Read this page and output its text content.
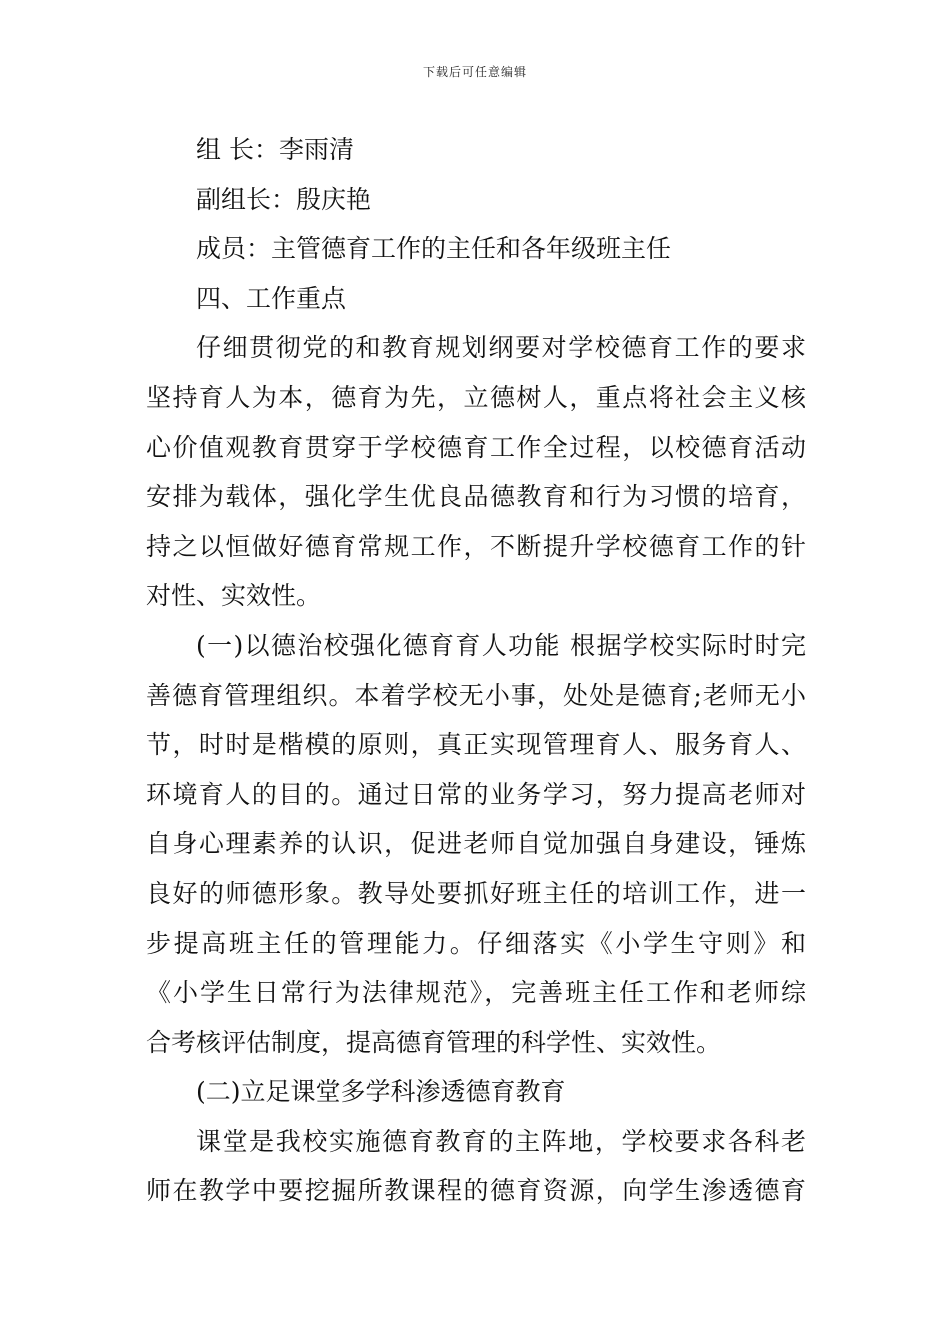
下载后可任意编辑
组 长：李雨清
副组长：殷庆艳
成员：主管德育工作的主任和各年级班主任
四、工作重点
仔细贯彻党的和教育规划纲要对学校德育工作的要求
坚持育人为本，德育为先，立德树人，重点将社会主义核
心价值观教育贯穿于学校德育工作全过程，以校德育活动
安排为载体，强化学生优良品德教育和行为习惯的培育，
持之以恒做好德育常规工作，不断提升学校德育工作的针
对性、实效性。
(一)以德治校强化德育育人功能 根据学校实际时时完
善德育管理组织。本着学校无小事，处处是德育;老师无小
节，时时是楷模的原则，真正实现管理育人、服务育人、
环境育人的目的。通过日常的业务学习，努力提高老师对
自身心理素养的认识，促进老师自觉加强自身建设，锤炼
良好的师德形象。教导处要抓好班主任的培训工作，进一
步提高班主任的管理能力。仔细落实《小学生守则》和
《小学生日常行为法律规范》，完善班主任工作和老师综
合考核评估制度，提高德育管理的科学性、实效性。
(二)立足课堂多学科渗透德育教育
课堂是我校实施德育教育的主阵地，学校要求各科老
师在教学中要挖掘所教课程的德育资源，向学生渗透德育
